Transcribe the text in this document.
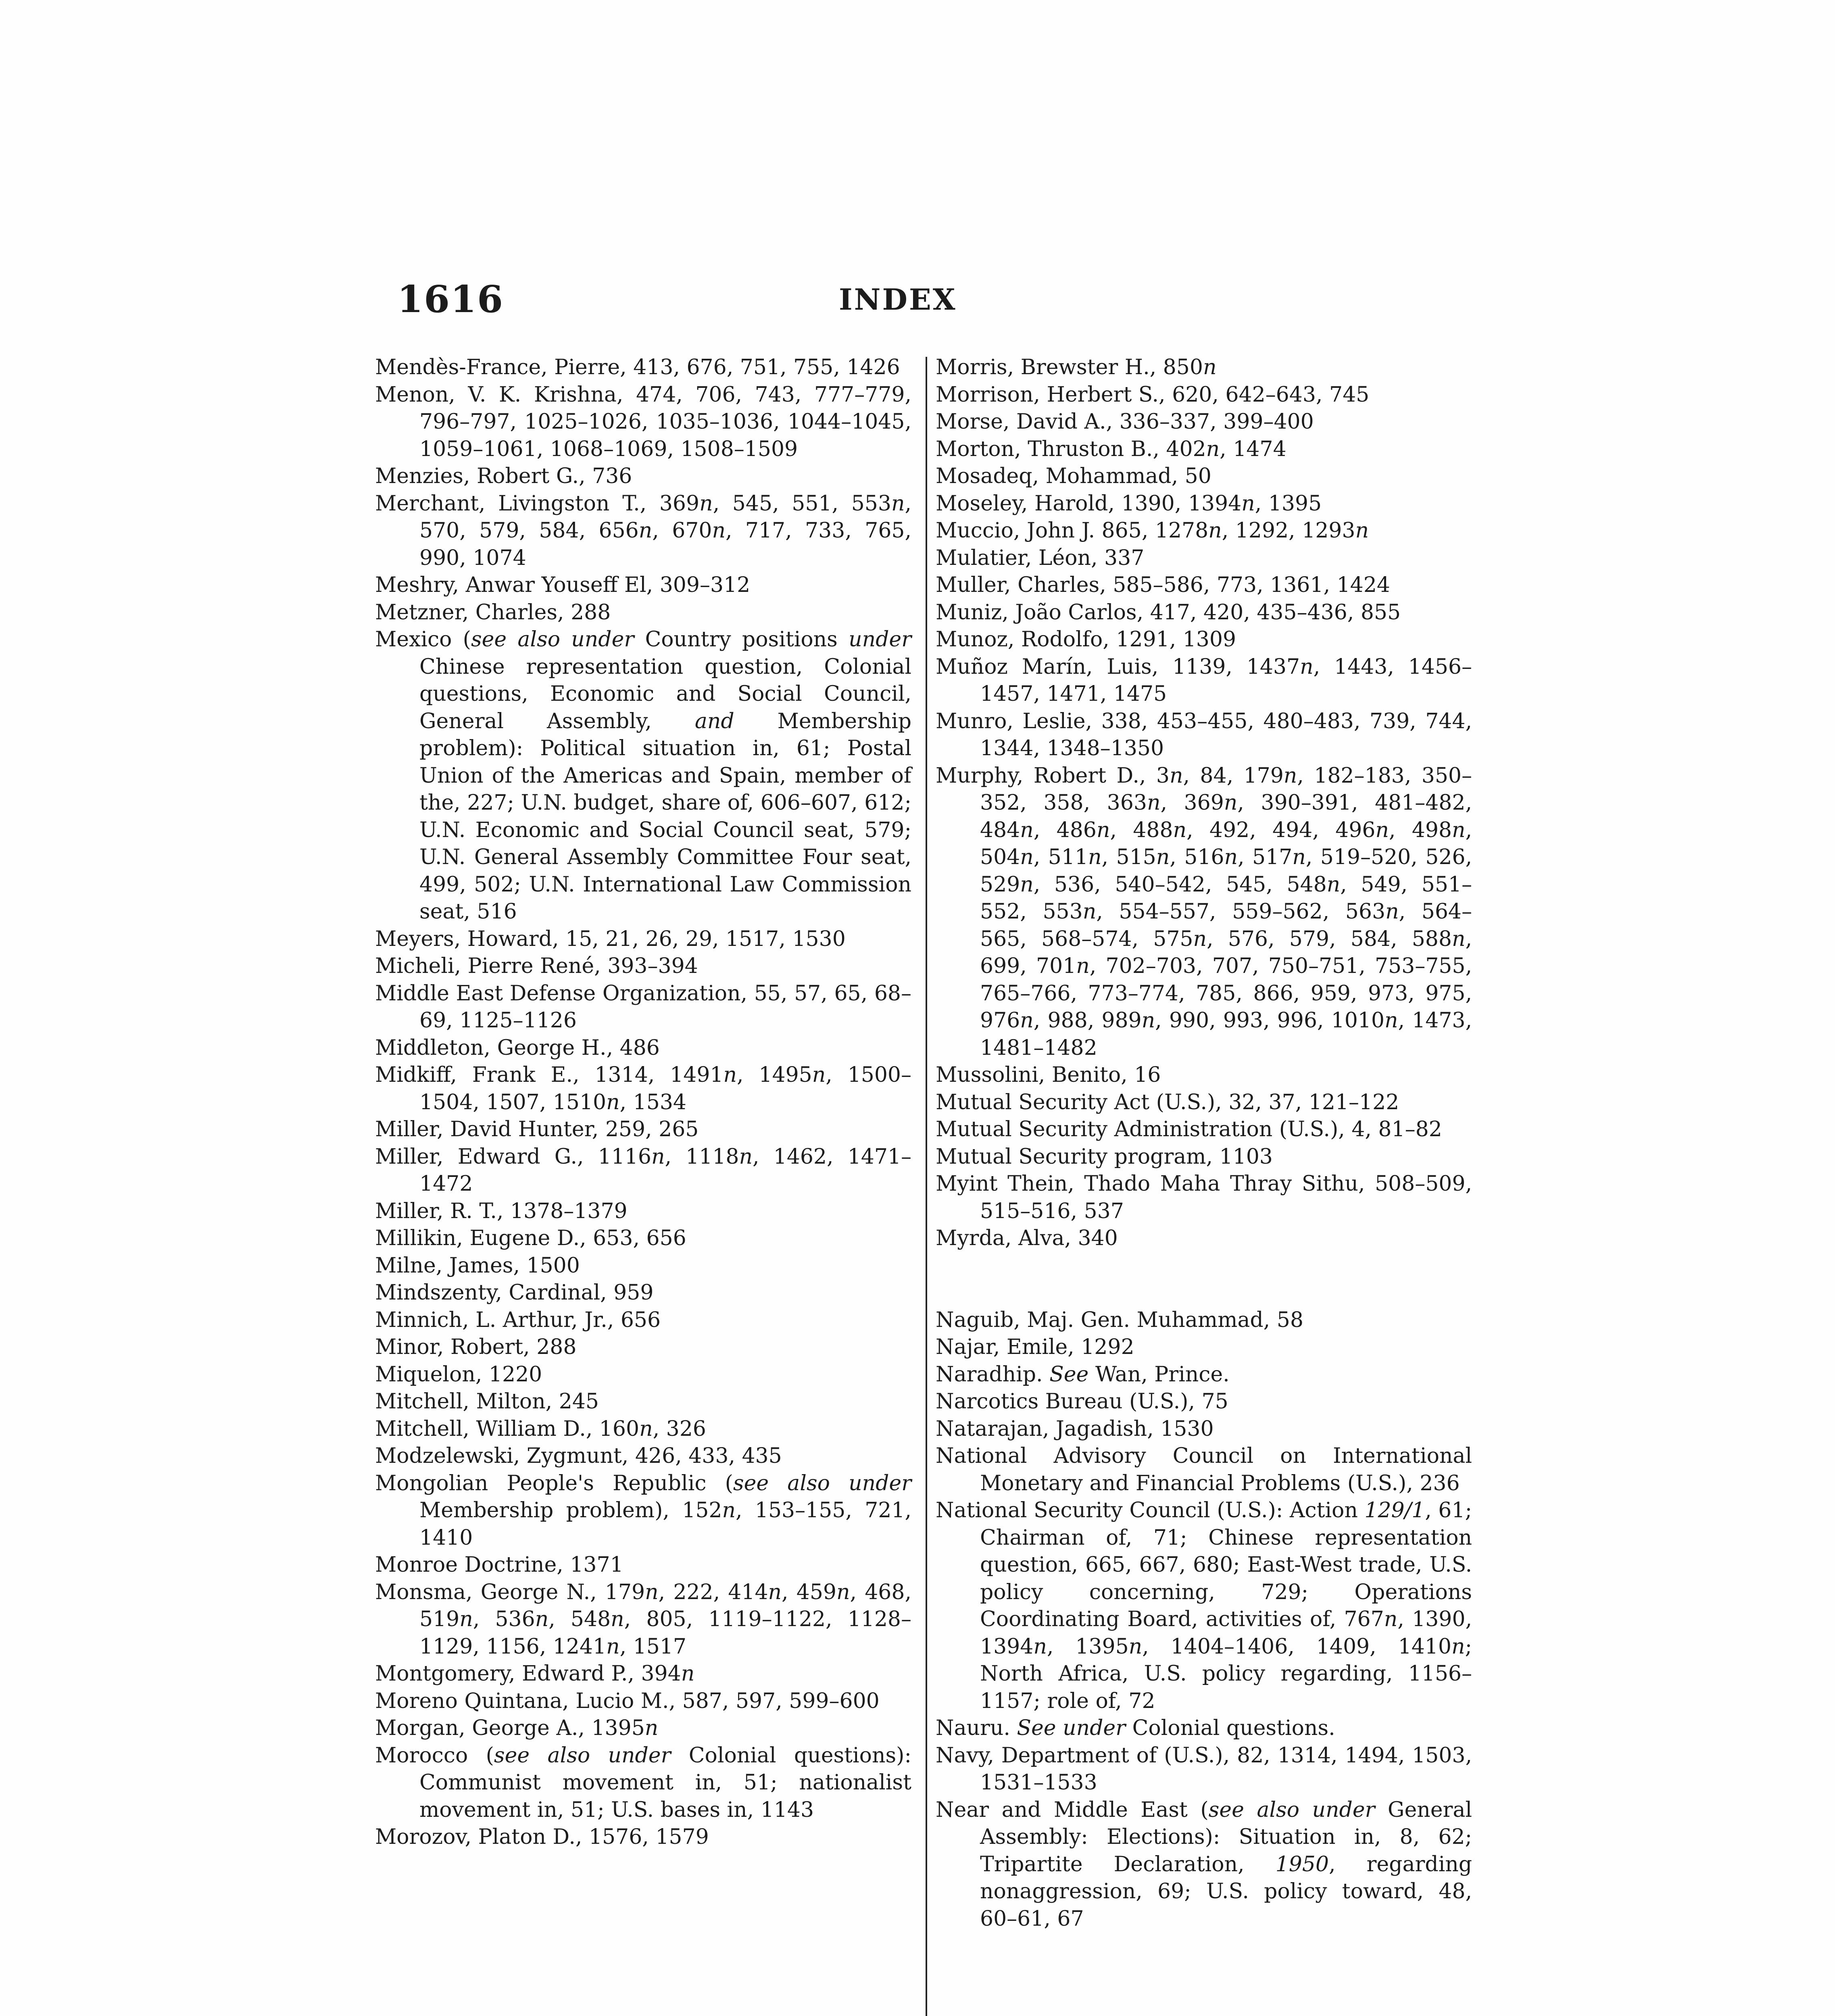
1616	INDEX

Mendès-France, Pierre, 413, 676, 751, 755, 1426

Menon, V. K. Krishna, 474, 706, 743, 777–779, 796–797, 1025–1026, 1035–1036, 1044–1045, 1059–1061, 1068–1069, 1508–1509

Menzies, Robert G., 736

Merchant, Livingston T., 369n, 545, 551, 553n, 570, 579, 584, 656n, 670n, 717, 733, 765, 990, 1074

Meshry, Anwar Youseff El, 309–312

Metzner, Charles, 288

Mexico (see also under Country positions under Chinese representation question, Colonial questions, Economic and Social Council, General Assembly, and Membership problem): Political situation in, 61; Postal Union of the Americas and Spain, member of the, 227; U.N. budget, share of, 606–607, 612; U.N. Economic and Social Council seat, 579; U.N. General Assembly Committee Four seat, 499, 502; U.N. International Law Commission seat, 516

Meyers, Howard, 15, 21, 26, 29, 1517, 1530

Micheli, Pierre René, 393–394

Middle East Defense Organization, 55, 57, 65, 68–69, 1125–1126

Middleton, George H., 486

Midkiff, Frank E., 1314, 1491n, 1495n, 1500–1504, 1507, 1510n, 1534

Miller, David Hunter, 259, 265

Miller, Edward G., 1116n, 1118n, 1462, 1471–1472

Miller, R. T., 1378–1379

Millikin, Eugene D., 653, 656

Milne, James, 1500

Mindszenty, Cardinal, 959

Minnich, L. Arthur, Jr., 656

Minor, Robert, 288

Miquelon, 1220

Mitchell, Milton, 245

Mitchell, William D., 160n, 326

Modzelewski, Zygmunt, 426, 433, 435

Mongolian People's Republic (see also under Membership problem), 152n, 153–155, 721, 1410

Monroe Doctrine, 1371

Monsma, George N., 179n, 222, 414n, 459n, 468, 519n, 536n, 548n, 805, 1119–1122, 1128–1129, 1156, 1241n, 1517

Montgomery, Edward P., 394n

Moreno Quintana, Lucio M., 587, 597, 599–600

Morgan, George A., 1395n

Morocco (see also under Colonial questions): Communist movement in, 51; nationalist movement in, 51; U.S. bases in, 1143

Morozov, Platon D., 1576, 1579

Morris, Brewster H., 850n

Morrison, Herbert S., 620, 642–643, 745

Morse, David A., 336–337, 399–400

Morton, Thruston B., 402n, 1474

Mosadeq, Mohammad, 50

Moseley, Harold, 1390, 1394n, 1395

Muccio, John J. 865, 1278n, 1292, 1293n

Mulatier, Léon, 337

Muller, Charles, 585–586, 773, 1361, 1424

Muniz, João Carlos, 417, 420, 435–436, 855

Munoz, Rodolfo, 1291, 1309

Muñoz Marín, Luis, 1139, 1437n, 1443, 1456–1457, 1471, 1475

Munro, Leslie, 338, 453–455, 480–483, 739, 744, 1344, 1348–1350

Murphy, Robert D., 3n, 84, 179n, 182–183, 350–352, 358, 363n, 369n, 390–391, 481–482, 484n, 486n, 488n, 492, 494, 496n, 498n, 504n, 511n, 515n, 516n, 517n, 519–520, 526, 529n, 536, 540–542, 545, 548n, 549, 551–552, 553n, 554–557, 559–562, 563n, 564–565, 568–574, 575n, 576, 579, 584, 588n, 699, 701n, 702–703, 707, 750–751, 753–755, 765–766, 773–774, 785, 866, 959, 973, 975, 976n, 988, 989n, 990, 993, 996, 1010n, 1473, 1481–1482

Mussolini, Benito, 16

Mutual Security Act (U.S.), 32, 37, 121–122

Mutual Security Administration (U.S.), 4, 81–82

Mutual Security program, 1103

Myint Thein, Thado Maha Thray Sithu, 508–509, 515–516, 537

Myrda, Alva, 340

Naguib, Maj. Gen. Muhammad, 58

Najar, Emile, 1292

Naradhip. See Wan, Prince.

Narcotics Bureau (U.S.), 75

Natarajan, Jagadish, 1530

National Advisory Council on International Monetary and Financial Problems (U.S.), 236

National Security Council (U.S.): Action 129/1, 61; Chairman of, 71; Chinese representation question, 665, 667, 680; East-West trade, U.S. policy concerning, 729; Operations Coordinating Board, activities of, 767n, 1390, 1394n, 1395n, 1404–1406, 1409, 1410n; North Africa, U.S. policy regarding, 1156–1157; role of, 72

Nauru. See under Colonial questions.

Navy, Department of (U.S.), 82, 1314, 1494, 1503, 1531–1533

Near and Middle East (see also under General Assembly: Elections): Situation in, 8, 62; Tripartite Declaration, 1950, regarding nonaggression, 69; U.S. policy toward, 48, 60–61, 67
